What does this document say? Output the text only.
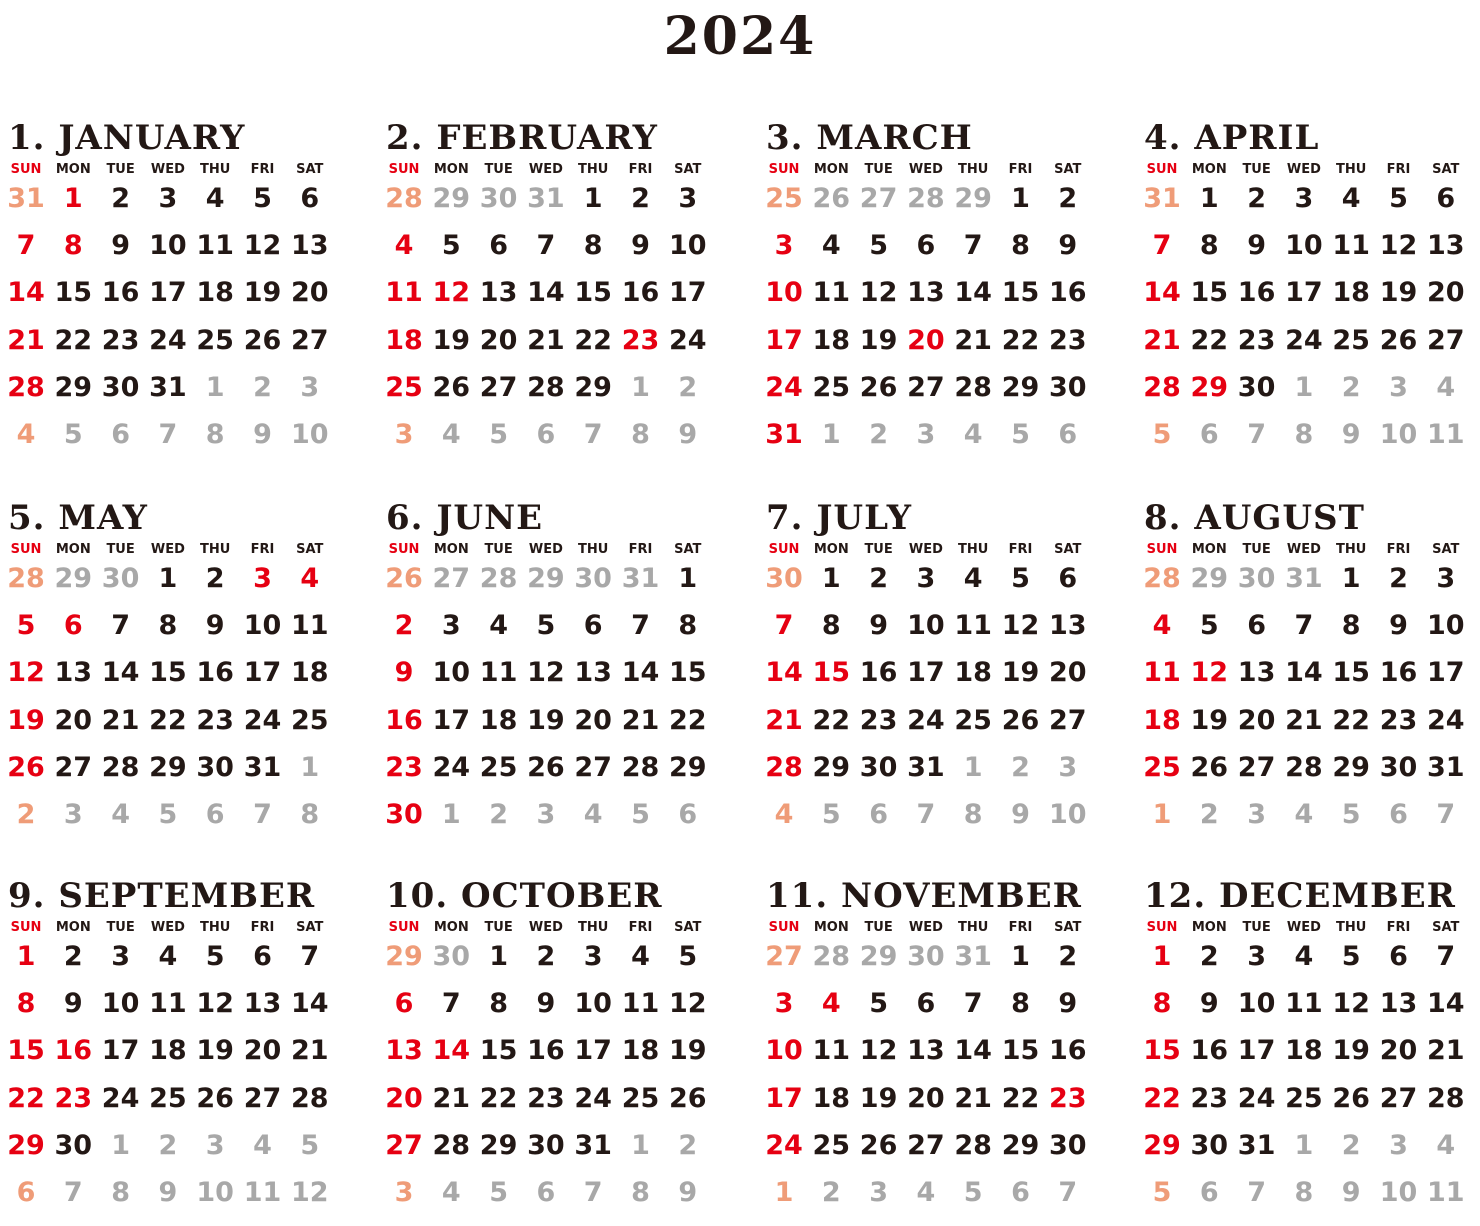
2024
1. JANUARY
SUN	MON	TUE	WED	THU	FRI	SAT
31 1	2	3	4	5	6
7	8	9 10 11 12 13
14 15 16 17 18 19 20
21 22 23 24 25 26 27
28 29 30 31 1	2	3
4	5	6	7	8	9 10
2. FEBRUARY
SUN	MON	TUE	WED	THU	FRI	SAT
28 29 30 31 1	2	3
4	5	6	7	8	9 10
11 12 13 14 15 16 17
18 19 20 21 22 23 24
25 26 27 28 29 1	2
3	4	5	6	7	8	9
3. MARCH
SUN	MON	TUE	WED	THU	FRI	SAT
25 26 27 28 29 1	2
3	4	5	6	7	8	9
10 11 12 13 14 15 16
17 18 19 20 21 22 23
24 25 26 27 28 29 30
31 1	2	3	4	5	6
4. APRIL
SUN	MON	TUE	WED	THU	FRI	SAT
31 1	2	3	4	5	6
7	8	9 10 11 12 13
14 15 16 17 18 19 20
21 22 23 24 25 26 27
28 29 30 1	2	3	4
5	6	7	8	9 10 11
5. MAY
SUN	MON	TUE	WED	THU	FRI	SAT
28 29 30 1	2	3	4
5	6	7	8	9 10 11
12 13 14 15 16 17 18
19 20 21 22 23 24 25
26 27 28 29 30 31 1
2	3	4	5	6	7	8
6. JUNE
SUN	MON	TUE	WED	THU	FRI	SAT
26 27 28 29 30 31 1
2	3	4	5	6	7	8
9 10 11 12 13 14 15
16 17 18 19 20 21 22
23 24 25 26 27 28 29
30 1	2	3	4	5	6
7. JULY
SUN	MON	TUE	WED	THU	FRI	SAT
30 1	2	3	4	5	6
7	8	9 10 11 12 13
14 15 16 17 18 19 20
21 22 23 24 25 26 27
28 29 30 31 1	2	3
4	5	6	7	8	9 10
8. AUGUST
SUN	MON	TUE	WED	THU	FRI	SAT
28 29 30 31 1	2	3
4	5	6	7	8	9 10
11 12 13 14 15 16 17
18 19 20 21 22 23 24
25 26 27 28 29 30 31
1	2	3	4	5	6	7
9. SEPTEMBER
SUN	MON	TUE	WED	THU	FRI	SAT
1	2	3	4	5	6	7
8	9 10 11 12 13 14
15 16 17 18 19 20 21
22 23 24 25 26 27 28
29 30 1	2	3	4	5
6	7	8	9 10 11 12
10. OCTOBER
SUN	MON	TUE	WED	THU	FRI	SAT
29 30 1	2	3	4	5
6	7	8	9 10 11 12
13 14 15 16 17 18 19
20 21 22 23 24 25 26
27 28 29 30 31 1	2
3	4	5	6	7	8	9
11. NOVEMBER
SUN	MON	TUE	WED	THU	FRI	SAT
27 28 29 30 31 1	2
3	4	5	6	7	8	9
10 11 12 13 14 15 16
17 18 19 20 21 22 23
24 25 26 27 28 29 30
1	2	3	4	5	6	7
12. DECEMBER
SUN	MON	TUE	WED	THU	FRI	SAT
1	2	3	4	5	6	7
8	9 10 11 12 13 14
15 16 17 18 19 20 21
22 23 24 25 26 27 28
29 30 31 1	2	3	4
5	6	7	8	9 10 11
